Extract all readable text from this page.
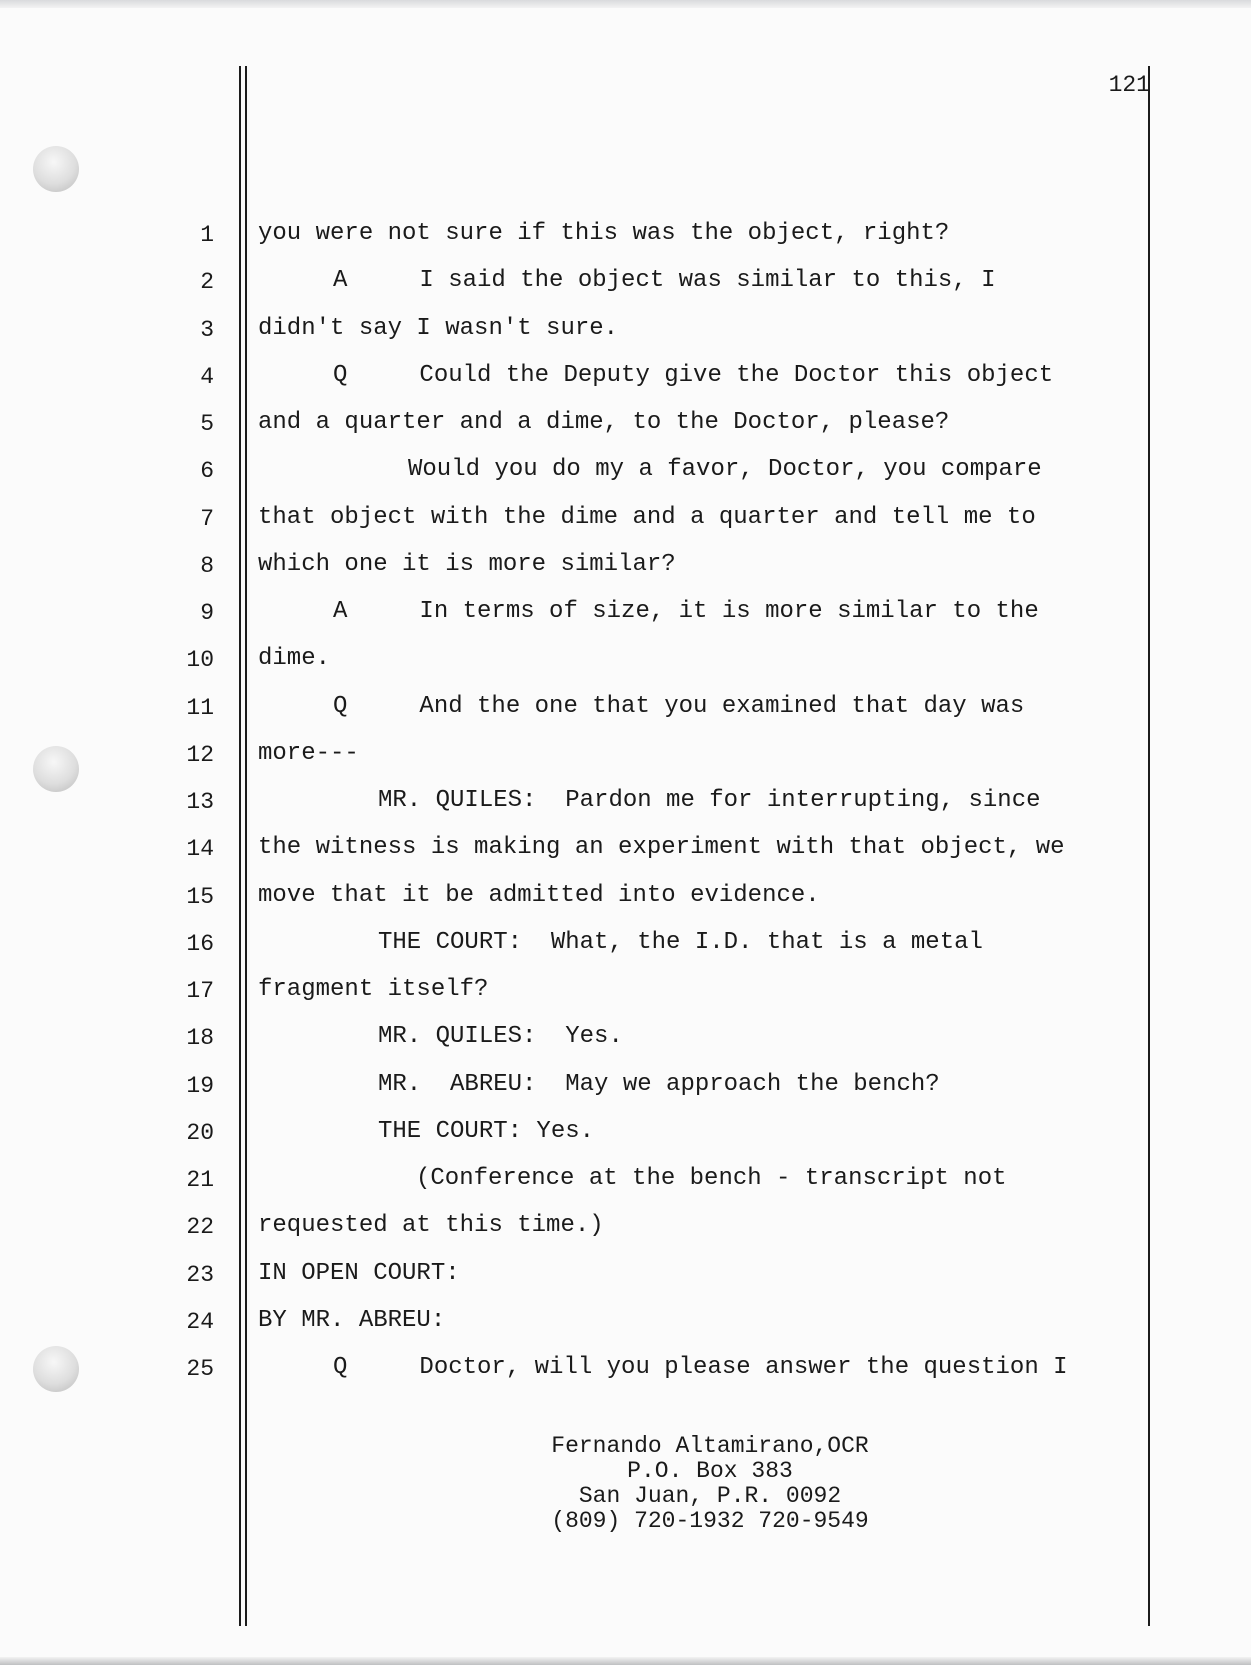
121
1 you were not sure if this was the object, right?
2	A     I said the object was similar to this, I
3 didn't say I wasn't sure.
4	Q     Could the Deputy give the Doctor this object
5 and a quarter and a dime, to the Doctor, please?
6	Would you do my a favor, Doctor, you compare
7 that object with the dime and a quarter and tell me to
8 which one it is more similar?
9	A     In terms of size, it is more similar to the
10 dime.
11	Q     And the one that you examined that day was
12 more---
13	MR. QUILES:  Pardon me for interrupting, since
14 the witness is making an experiment with that object, we
15 move that it be admitted into evidence.
16	THE COURT:  What, the I.D. that is a metal
17 fragment itself?
18	MR. QUILES:  Yes.
19	MR.  ABREU:  May we approach the bench?
20	THE COURT: Yes.
21	(Conference at the bench - transcript not
22 requested at this time.)
23 IN OPEN COURT:
24 BY MR. ABREU:
25	Q     Doctor, will you please answer the question I
Fernando Altamirano,OCR
P.O. Box 383
San Juan, P.R. 0092
(809) 720-1932 720-9549
